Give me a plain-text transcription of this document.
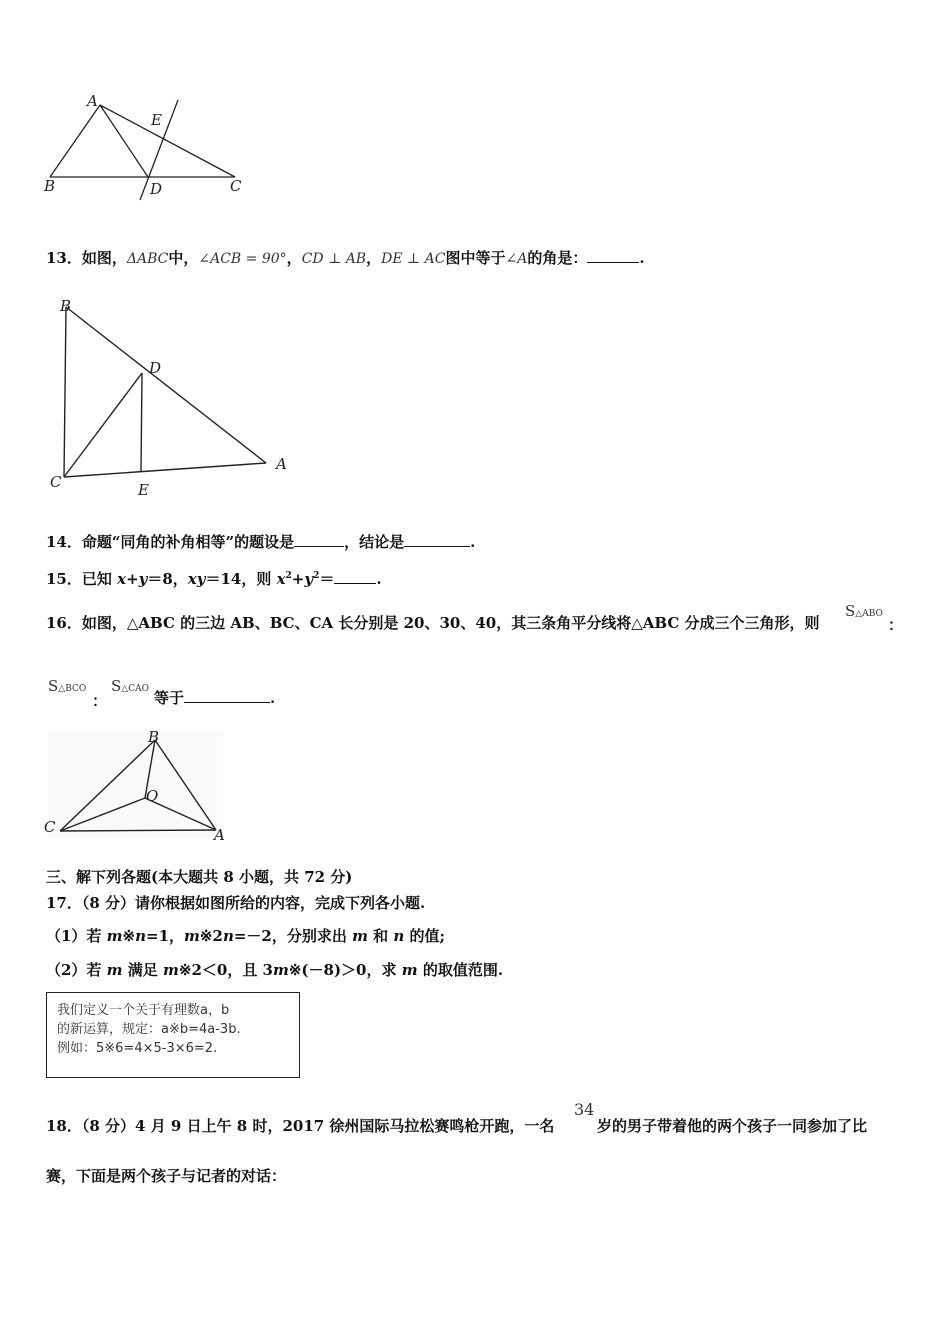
A
B	C
D
E
13．如图，ΔABC中，∠ACB = 90°，CD ⊥ AB，DE ⊥ AC图中等于∠A的角是：	.
B
D
A
C	E
14．命题“同角的补角相等”的题设是	，结论是	.
15．已知 x+y＝8，xy＝14，则 $x^2+y^2=$	.
16．如图，△ABC 的三边 AB、BC、CA 长分别是 20、30、40，其三条角平分线将△ABC 分成三个三角形，则
S△ABO
：
S△BCO
：
S△CAO 等于	.
B
O
C	A
三、解下列各题(本大题共 8 小题，共 72 分)
17．（8 分）请你根据如图所给的内容，完成下列各小题.
（1）若 m※n=1，m※2n=－2，分别求出 m 和 n 的值;
（2）若 m 满足 m※2＜0，且 3m※(－8)＞0，求 m 的取值范围.
我们定义一个关于有理数a，b
的新运算，规定：a※b=4a-3b.
例如：5※6=4×5-3×6=2.
18．（8 分）4 月 9 日上午 8 时，2017 徐州国际马拉松赛鸣枪开跑，一名
34
岁的男子带着他的两个孩子一同参加了比
赛，下面是两个孩子与记者的对话：
